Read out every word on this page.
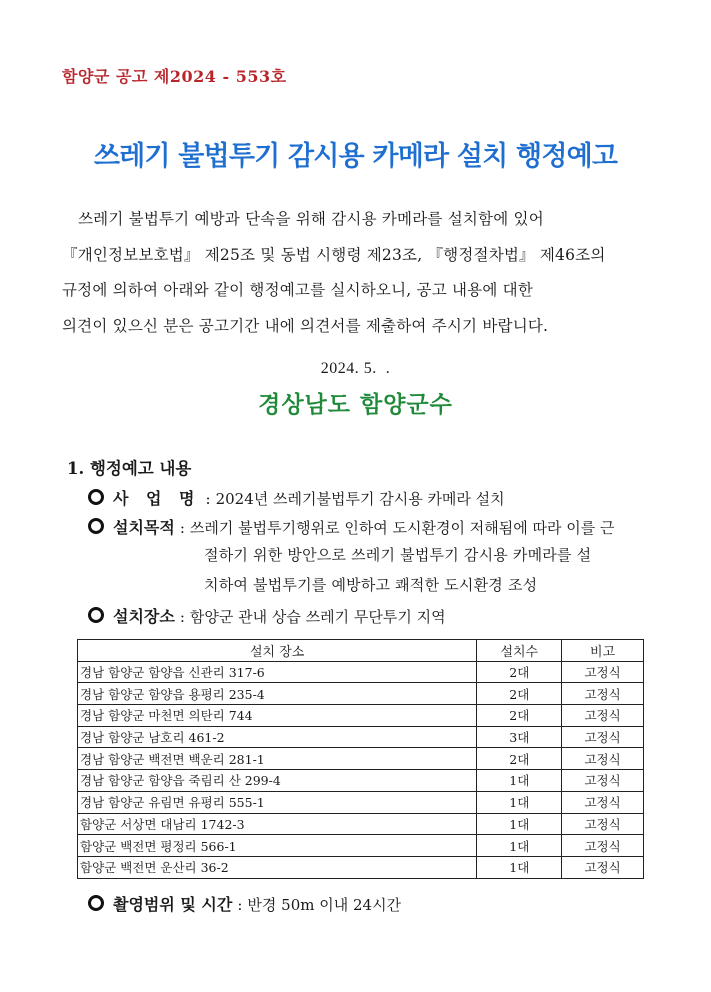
함양군 공고 제2024 - 553호
쓰레기 불법투기 감시용 카메라 설치 행정예고
쓰레기 불법투기 예방과 단속을 위해 감시용 카메라를 설치함에 있어
『개인정보보호법』 제25조 및 동법 시행령 제23조, 『행정절차법』 제46조의
규정에 의하여 아래와 같이 행정예고를 실시하오니, 공고 내용에 대한
의견이 있으신 분은 공고기간 내에 의견서를 제출하여 주시기 바랍니다.
2024. 5.  .
경상남도 함양군수
1. 행정예고 내용
사 업 명 : 2024년 쓰레기불법투기 감시용 카메라 설치
설치목적 : 쓰레기 불법투기행위로 인하여 도시환경이 저해됨에 따라 이를 근
절하기 위한 방안으로 쓰레기 불법투기 감시용 카메라를 설
치하여 불법투기를 예방하고 쾌적한 도시환경 조성
설치장소 : 함양군 관내 상습 쓰레기 무단투기 지역
설치 장소	설치수	비고
경남 함양군 함양읍 신관리 317-6	2대	고정식
경남 함양군 함양읍 용평리 235-4	2대	고정식
경남 함양군 마천면 의탄리 744	2대	고정식
경남 함양군 남호리 461-2	3대	고정식
경남 함양군 백전면 백운리 281-1	2대	고정식
경남 함양군 함양읍 죽림리 산 299-4	1대	고정식
경남 함양군 유림면 유평리 555-1	1대	고정식
함양군 서상면 대남리 1742-3	1대	고정식
함양군 백전면 평정리 566-1	1대	고정식
함양군 백전면 운산리 36-2	1대	고정식
촬영범위 및 시간 : 반경 50m 이내 24시간
